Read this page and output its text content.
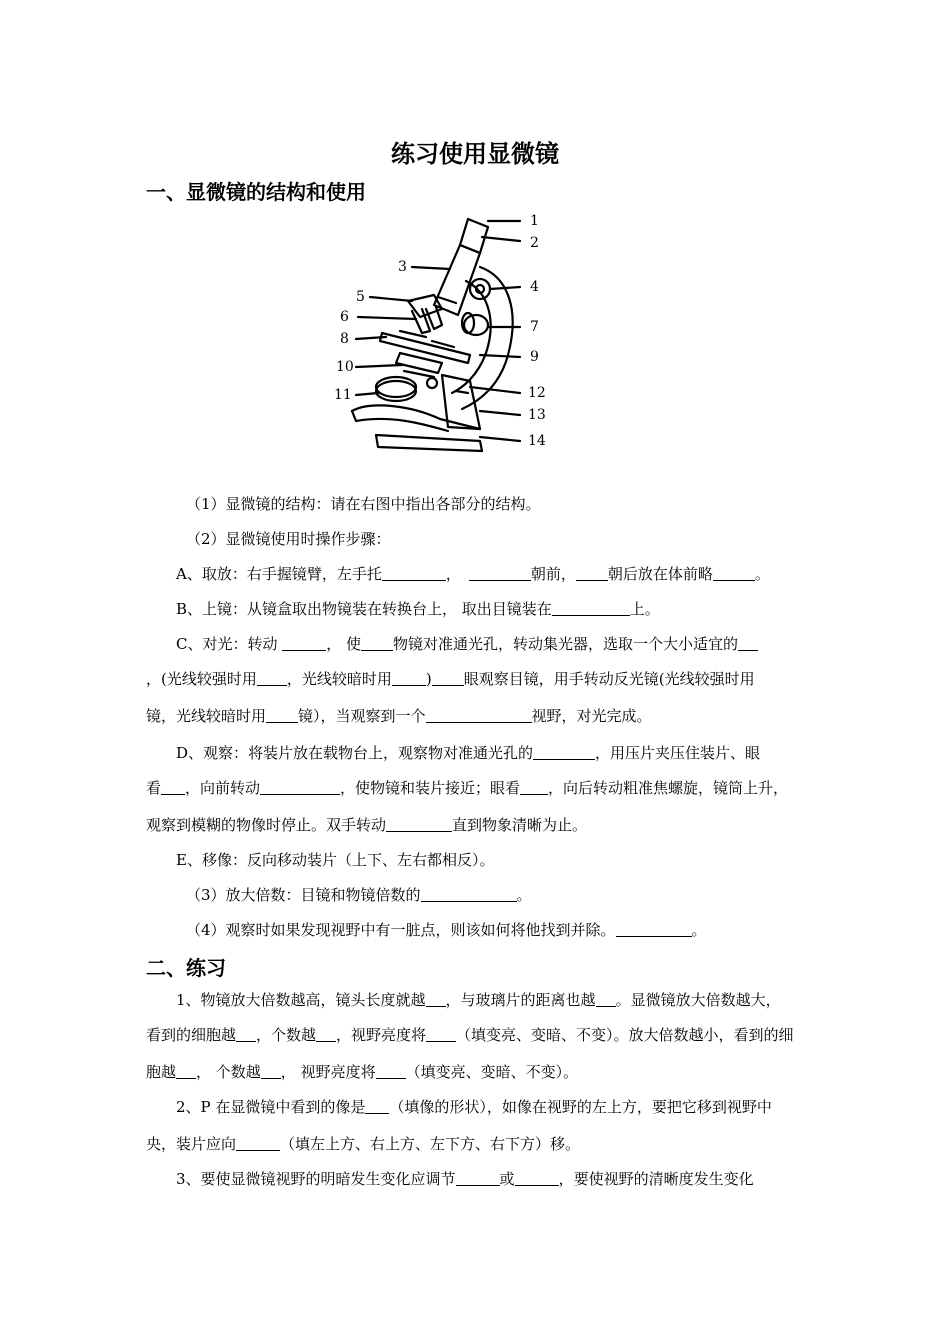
练习使用显微镜
一、显微镜的结构和使用
1
2
3
4
5
6
7
8
9
10
11	12
13
14
（1）显微镜的结构：请在右图中指出各部分的结构。
（2）显微镜使用时操作步骤：
A、取放：右手握镜臂，左手托	，	朝前， 朝后放在体前略	。
B、上镜：从镜盒取出物镜装在转换台上， 取出目镜装在	上。
C、对光：转动	， 使 物镜对准通光孔，转动集光器，选取一个大小适宜的
，(光线较强时用 ，光线较暗时用 ) 眼观察目镜，用手转动反光镜(光线较强时用
镜，光线较暗时用 镜），当观察到一个	视野，对光完成。
D、观察：将装片放在载物台上，观察物对准通光孔的	，用压片夹压住装片、眼
看 ，向前转动	，使物镜和装片接近；眼看 ，向后转动粗准焦螺旋，镜筒上升，
观察到模糊的物像时停止。双手转动	直到物象清晰为止。
E、移像：反向移动装片（上下、左右都相反）。
（3）放大倍数：目镜和物镜倍数的	。
（4）观察时如果发现视野中有一脏点，则该如何将他找到并除。	。
二、练习
1、物镜放大倍数越高，镜头长度就越 ，与玻璃片的距离也越 。显微镜放大倍数越大，
看到的细胞越 ，个数越 ，视野亮度将 （填变亮、变暗、不变）。放大倍数越小，看到的细
胞越 ， 个数越 ， 视野亮度将 （填变亮、变暗、不变）。
2、P 在显微镜中看到的像是 （填像的形状），如像在视野的左上方，要把它移到视野中
央，装片应向	（填左上方、右上方、左下方、右下方）移。
3、要使显微镜视野的明暗发生变化应调节	或	，要使视野的清晰度发生变化
